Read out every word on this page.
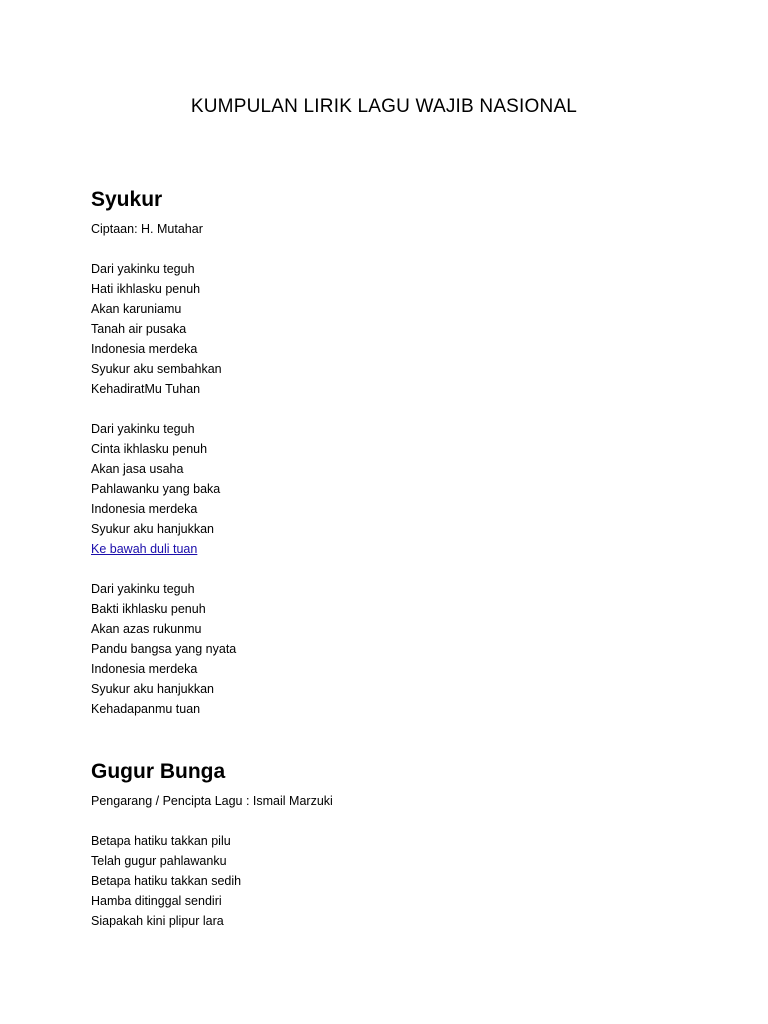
KUMPULAN LIRIK LAGU WAJIB NASIONAL
Syukur
Ciptaan: H. Mutahar
Dari yakinku teguh
Hati ikhlasku penuh
Akan karuniamu
Tanah air pusaka
Indonesia merdeka
Syukur aku sembahkan
KehadiratMu Tuhan
Dari yakinku teguh
Cinta ikhlasku penuh
Akan jasa usaha
Pahlawanku yang baka
Indonesia merdeka
Syukur aku hanjukkan
Ke bawah duli tuan
Dari yakinku teguh
Bakti ikhlasku penuh
Akan azas rukunmu
Pandu bangsa yang nyata
Indonesia merdeka
Syukur aku hanjukkan
Kehadapanmu tuan
Gugur Bunga
Pengarang / Pencipta Lagu : Ismail Marzuki
Betapa hatiku takkan pilu
Telah gugur pahlawanku
Betapa hatiku takkan sedih
Hamba ditinggal sendiri
Siapakah kini plipur lara
